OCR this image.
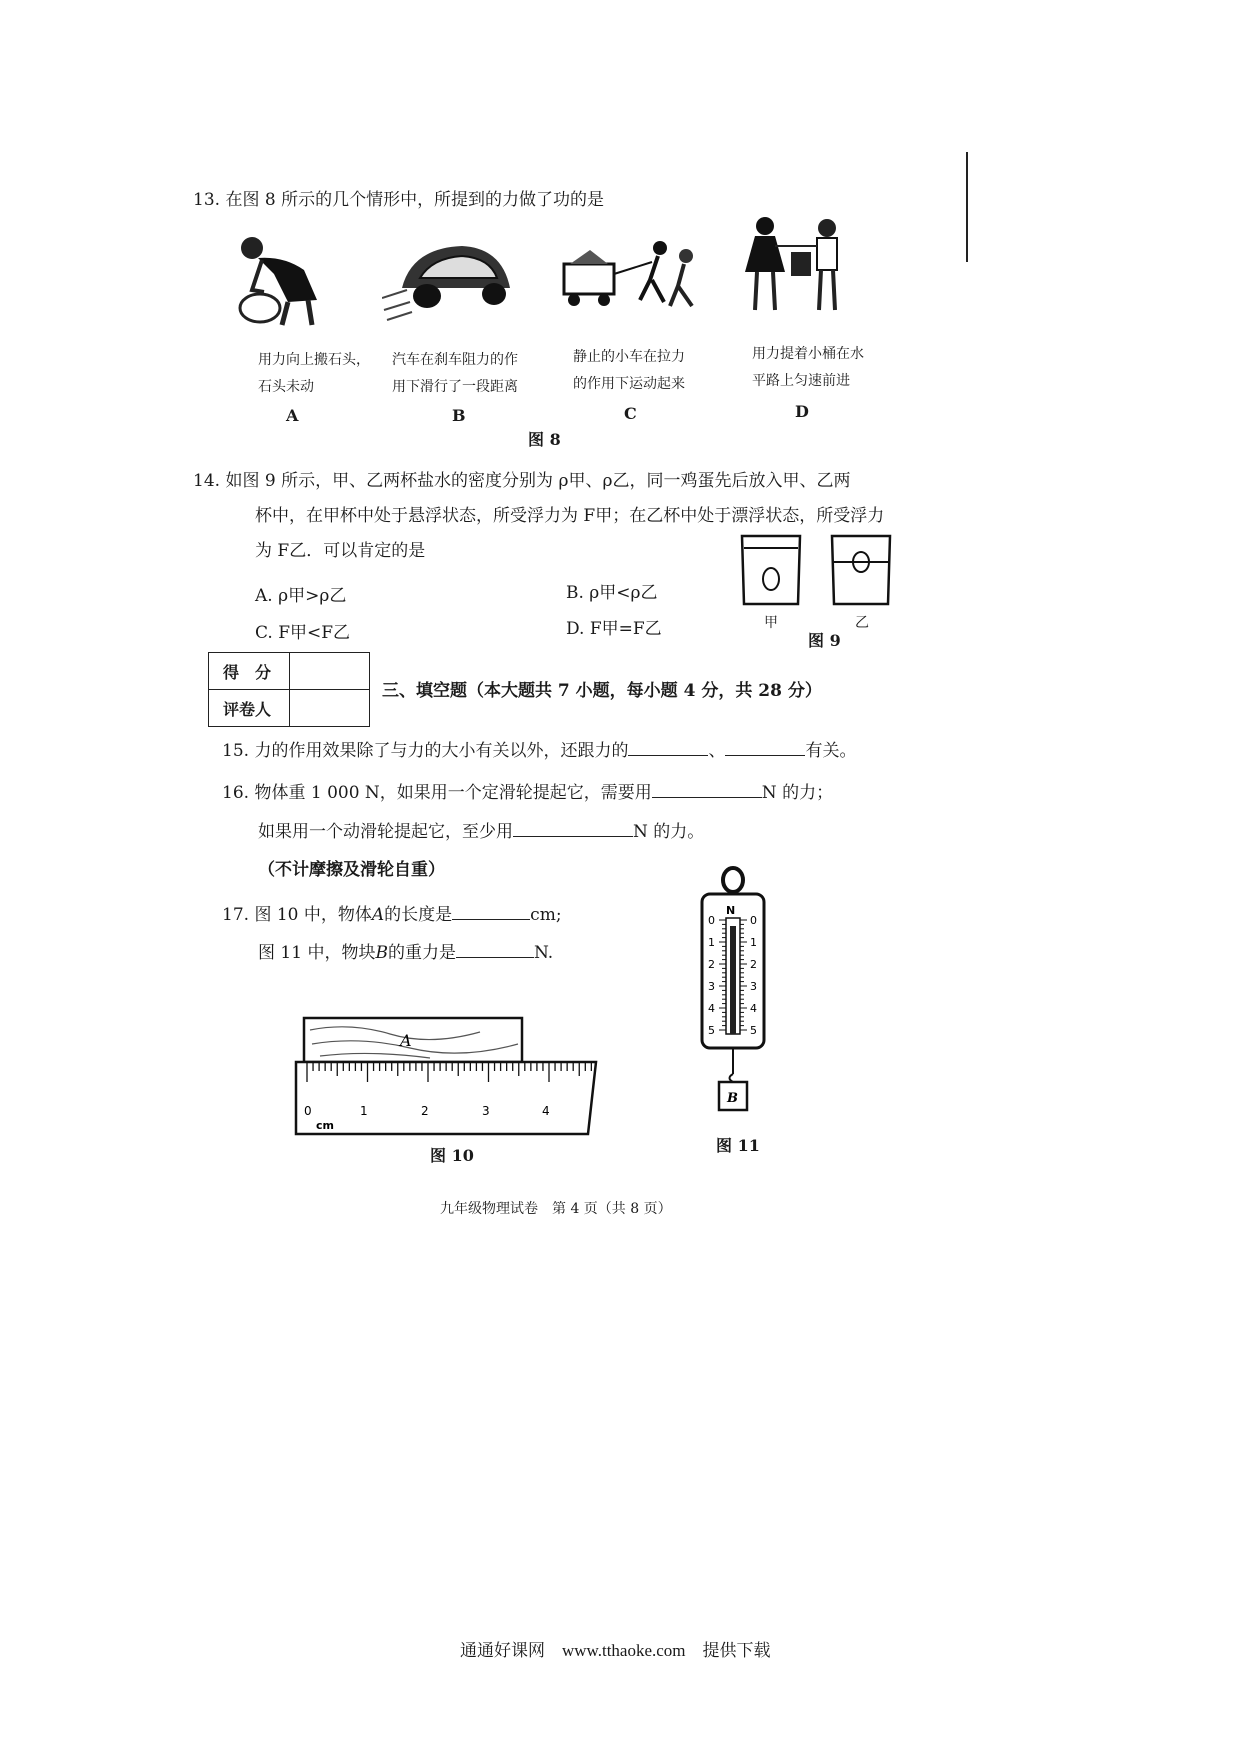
13. 在图 8 所示的几个情形中，所提到的力做了功的是
用力向上搬石头，
石头未动
A
汽车在刹车阻力的作
用下滑行了一段距离
B
静止的小车在拉力
的作用下运动起来
C
用力提着小桶在水
平路上匀速前进
D
图 8
14. 如图 9 所示，甲、乙两杯盐水的密度分别为 ρ甲、ρ乙，同一鸡蛋先后放入甲、乙两
杯中，在甲杯中处于悬浮状态，所受浮力为 F甲；在乙杯中处于漂浮状态，所受浮力
为 F乙．可以肯定的是
A. ρ甲>ρ乙	B. ρ甲<ρ乙
C. F甲<F乙	D. F甲=F乙	甲	乙
图 9
得　分	
评卷人	
三、填空题（本大题共 7 小题，每小题 4 分，共 28 分）
15. 力的作用效果除了与力的大小有关以外，还跟力的	、	有关。
16. 物体重 1 000 N，如果用一个定滑轮提起它，需要用	N 的力；
如果用一个动滑轮提起它，至少用	N 的力。
（不计摩擦及滑轮自重）
17. 图 10 中，物体A的长度是	cm;
图 11 中，物块B的重力是	N.
A
0	1	2	3	4
cm
图 10
N
0
1
2
3
4
5
0
1
2
3
4
5
B
图 11
九年级物理试卷　第 4 页（共 8 页）
通通好课网　www.tthaoke.com　提供下载
